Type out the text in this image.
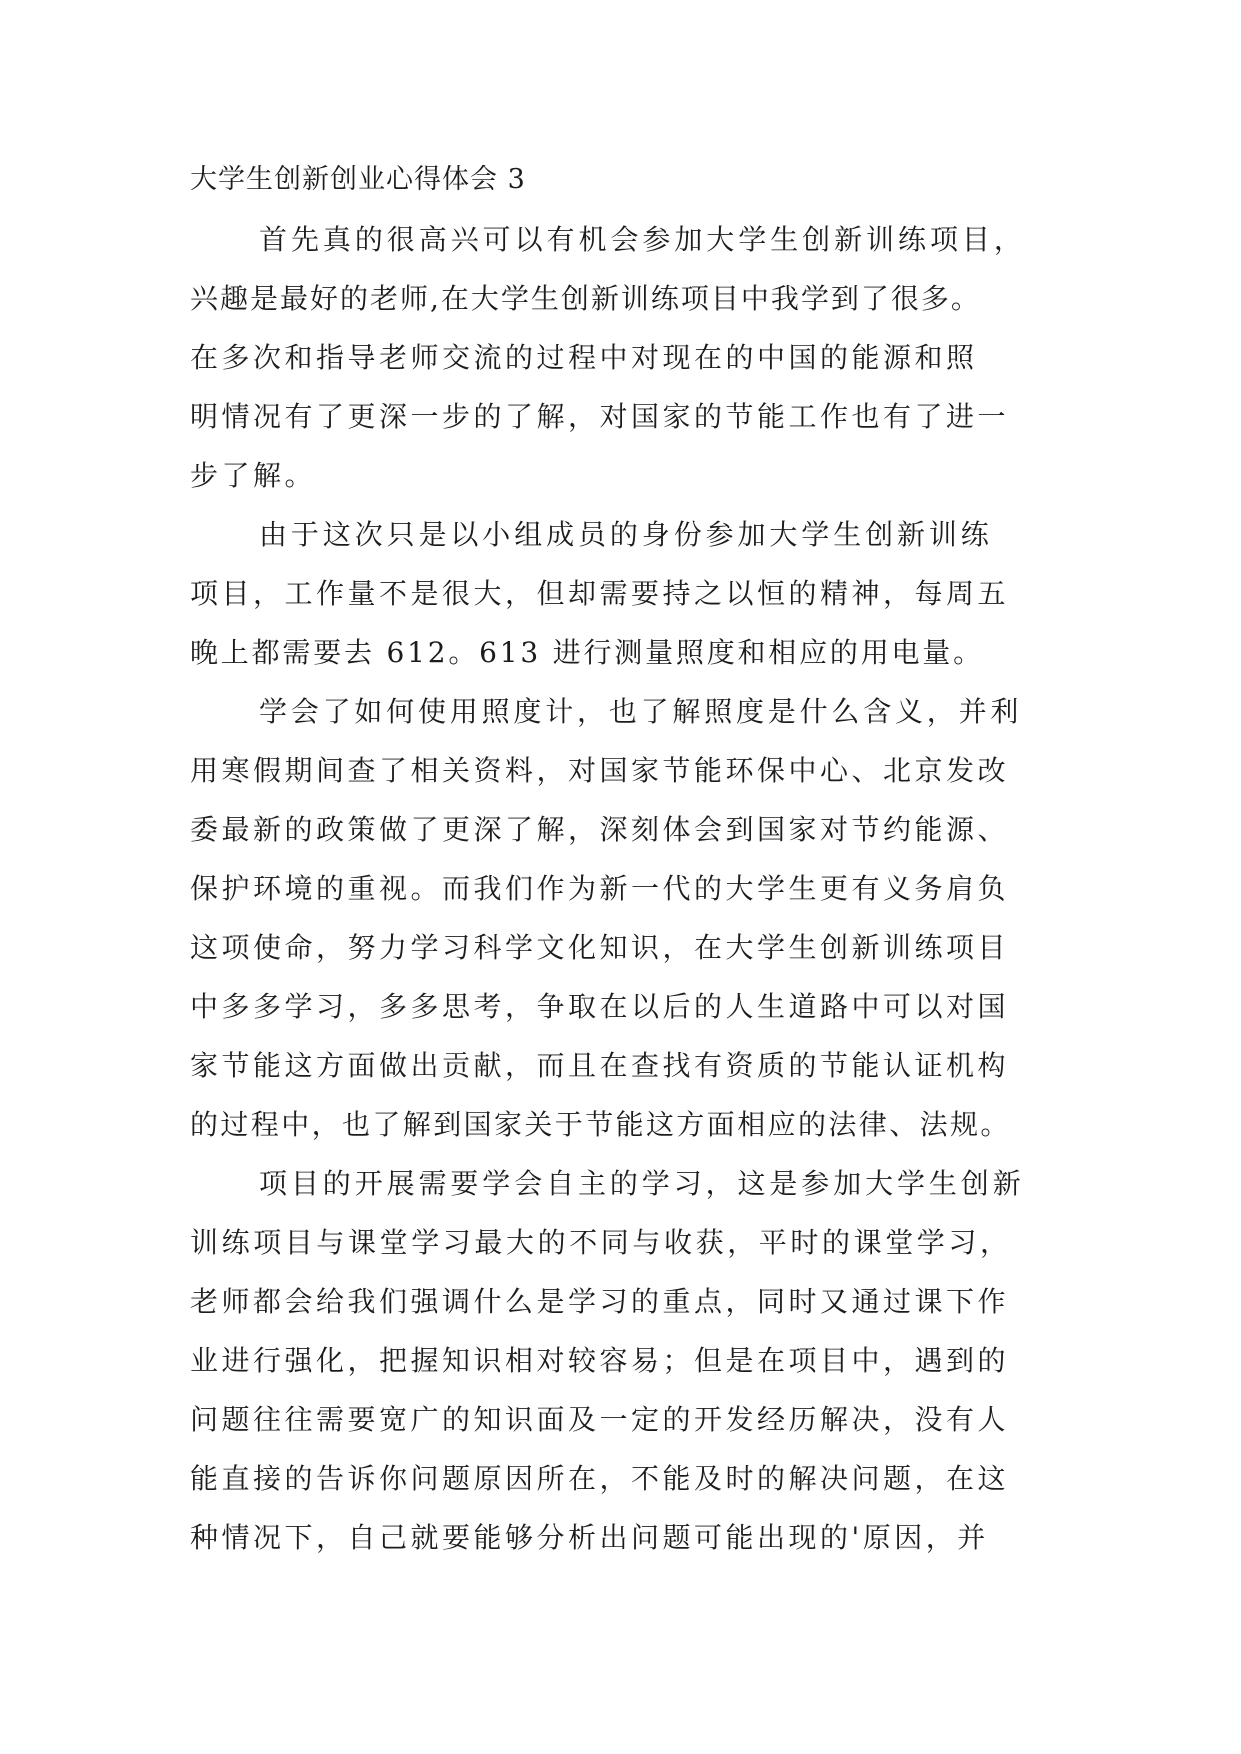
大学生创新创业心得体会 3
首先真的很高兴可以有机会参加大学生创新训练项目，
兴趣是最好的老师,在大学生创新训练项目中我学到了很多。
在多次和指导老师交流的过程中对现在的中国的能源和照
明情况有了更深一步的了解，对国家的节能工作也有了进一
步了解。
由于这次只是以小组成员的身份参加大学生创新训练
项目，工作量不是很大，但却需要持之以恒的精神，每周五
晚上都需要去 612。613 进行测量照度和相应的用电量。
学会了如何使用照度计，也了解照度是什么含义，并利
用寒假期间查了相关资料，对国家节能环保中心、北京发改
委最新的政策做了更深了解，深刻体会到国家对节约能源、
保护环境的重视。而我们作为新一代的大学生更有义务肩负
这项使命，努力学习科学文化知识，在大学生创新训练项目
中多多学习，多多思考，争取在以后的人生道路中可以对国
家节能这方面做出贡献，而且在查找有资质的节能认证机构
的过程中，也了解到国家关于节能这方面相应的法律、法规。
项目的开展需要学会自主的学习，这是参加大学生创新
训练项目与课堂学习最大的不同与收获，平时的课堂学习，
老师都会给我们强调什么是学习的重点，同时又通过课下作
业进行强化，把握知识相对较容易；但是在项目中，遇到的
问题往往需要宽广的知识面及一定的开发经历解决，没有人
能直接的告诉你问题原因所在，不能及时的解决问题，在这
种情况下，自己就要能够分析出问题可能出现的'原因，并
